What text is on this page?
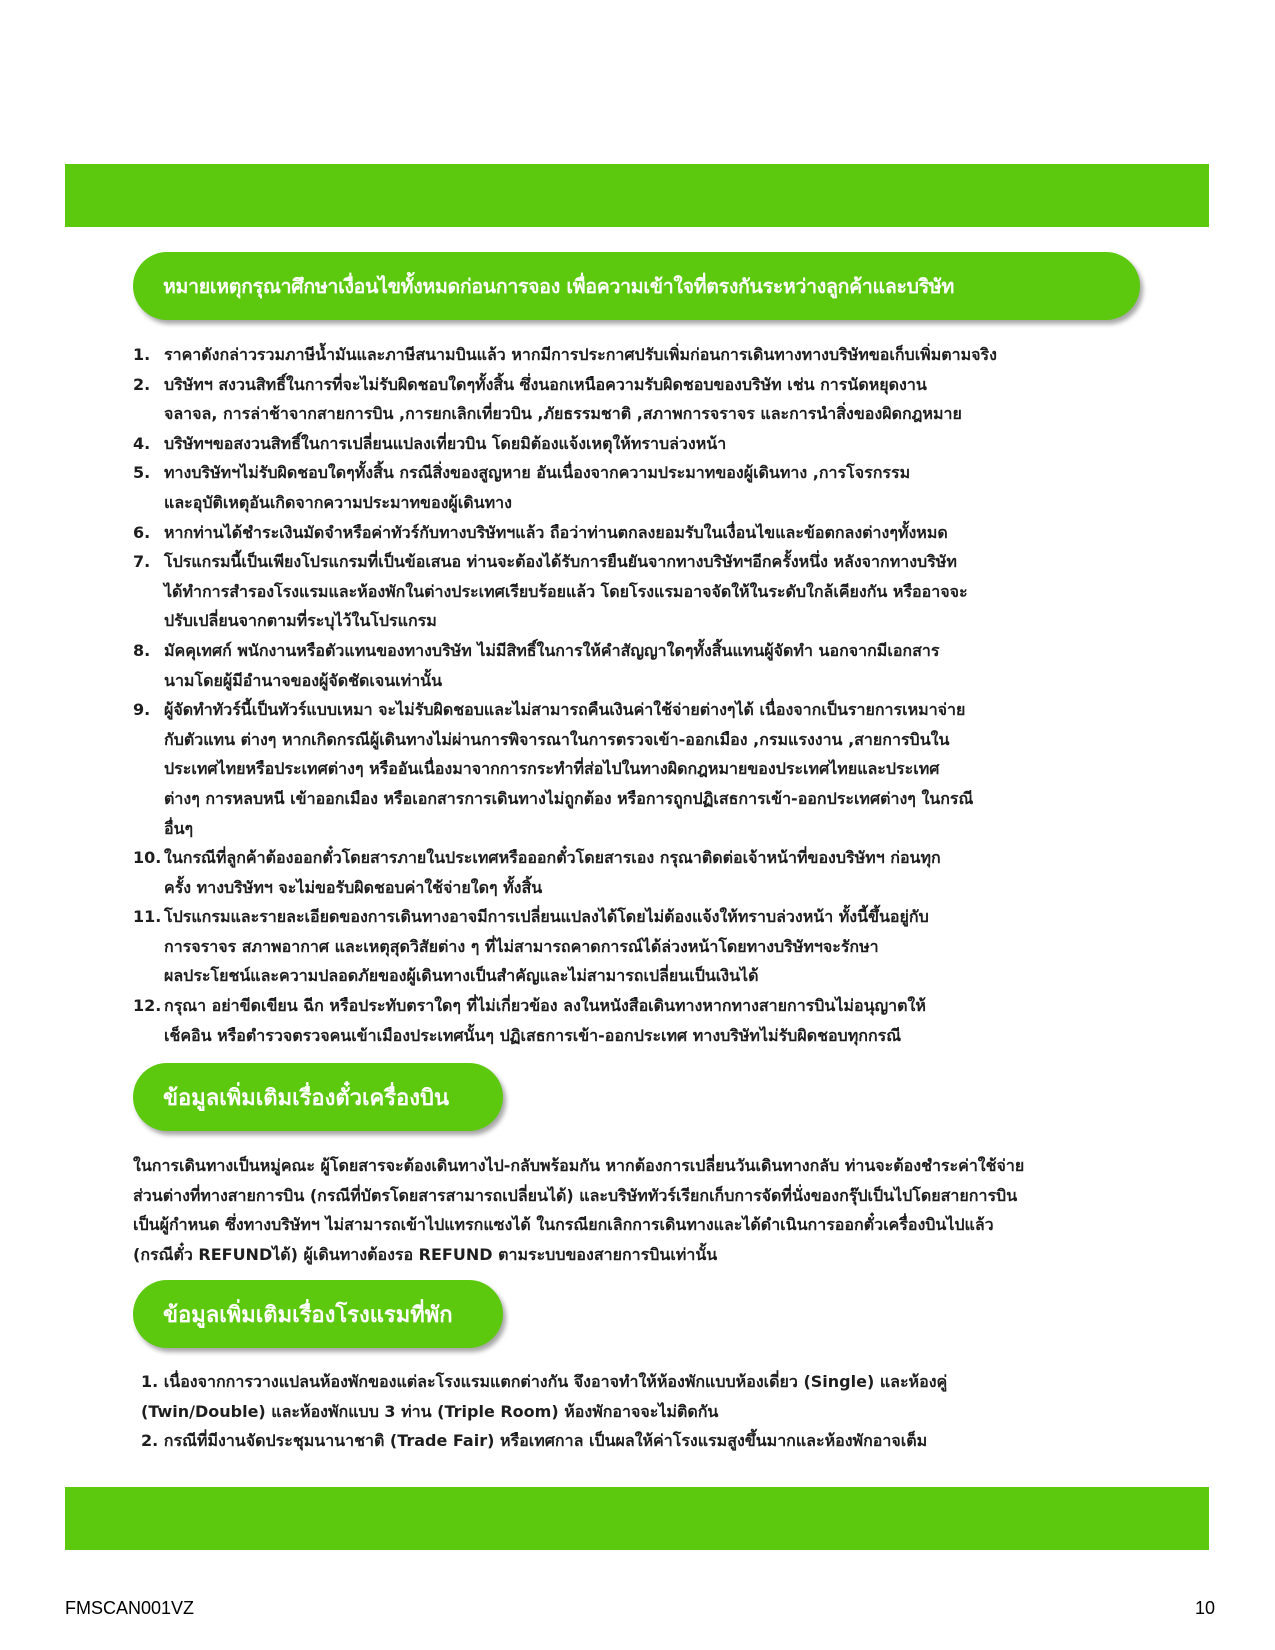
หมายเหตุกรุณาศึกษาเงื่อนไขทั้งหมดก่อนการจอง เพื่อความเข้าใจที่ตรงกันระหว่างลูกค้าและบริษัท
1. ราคาดังกล่าวรวมภาษีน้ำมันและภาษีสนามบินแล้ว หากมีการประกาศปรับเพิ่มก่อนการเดินทางทางบริษัทขอเก็บเพิ่มตามจริง
2. บริษัทฯ สงวนสิทธิ์ในการที่จะไม่รับผิดชอบใดๆทั้งสิ้น ซึ่งนอกเหนือความรับผิดชอบของบริษัท เช่น การนัดหยุดงาน
จลาจล, การล่าช้าจากสายการบิน ,การยกเลิกเที่ยวบิน ,ภัยธรรมชาติ ,สภาพการจราจร และการนำสิ่งของผิดกฎหมาย
4. บริษัทฯขอสงวนสิทธิ์ในการเปลี่ยนแปลงเที่ยวบิน โดยมิต้องแจ้งเหตุให้ทราบล่วงหน้า
5. ทางบริษัทฯไม่รับผิดชอบใดๆทั้งสิ้น กรณีสิ่งของสูญหาย อันเนื่องจากความประมาทของผู้เดินทาง ,การโจรกรรม
และอุบัติเหตุอันเกิดจากความประมาทของผู้เดินทาง
6. หากท่านได้ชำระเงินมัดจำหรือค่าทัวร์กับทางบริษัทฯแล้ว ถือว่าท่านตกลงยอมรับในเงื่อนไขและข้อตกลงต่างๆทั้งหมด
7. โปรแกรมนี้เป็นเพียงโปรแกรมที่เป็นข้อเสนอ ท่านจะต้องได้รับการยืนยันจากทางบริษัทฯอีกครั้งหนึ่ง หลังจากทางบริษัท
ได้ทำการสำรองโรงแรมและห้องพักในต่างประเทศเรียบร้อยแล้ว โดยโรงแรมอาจจัดให้ในระดับใกล้เคียงกัน หรืออาจจะ
ปรับเปลี่ยนจากตามที่ระบุไว้ในโปรแกรม
8. มัคคุเทศก์ พนักงานหรือตัวแทนของทางบริษัท ไม่มีสิทธิ์ในการให้คำสัญญาใดๆทั้งสิ้นแทนผู้จัดทำ นอกจากมีเอกสาร
นามโดยผู้มีอำนาจของผู้จัดชัดเจนเท่านั้น
9. ผู้จัดทำทัวร์นี้เป็นทัวร์แบบเหมา จะไม่รับผิดชอบและไม่สามารถคืนเงินค่าใช้จ่ายต่างๆได้ เนื่องจากเป็นรายการเหมาจ่าย
กับตัวแทน ต่างๆ หากเกิดกรณีผู้เดินทางไม่ผ่านการพิจารณาในการตรวจเข้า-ออกเมือง ,กรมแรงงาน ,สายการบินใน
ประเทศไทยหรือประเทศต่างๆ หรืออันเนื่องมาจากการกระทำที่ส่อไปในทางผิดกฎหมายของประเทศไทยและประเทศ
ต่างๆ การหลบหนี เข้าออกเมือง หรือเอกสารการเดินทางไม่ถูกต้อง หรือการถูกปฏิเสธการเข้า-ออกประเทศต่างๆ ในกรณี
อื่นๆ
10. ในกรณีที่ลูกค้าต้องออกตั๋วโดยสารภายในประเทศหรือออกตั๋วโดยสารเอง กรุณาติดต่อเจ้าหน้าที่ของบริษัทฯ ก่อนทุก
ครั้ง ทางบริษัทฯ จะไม่ขอรับผิดชอบค่าใช้จ่ายใดๆ ทั้งสิ้น
11. โปรแกรมและรายละเอียดของการเดินทางอาจมีการเปลี่ยนแปลงได้โดยไม่ต้องแจ้งให้ทราบล่วงหน้า ทั้งนี้ขึ้นอยู่กับ
การจราจร สภาพอากาศ และเหตุสุดวิสัยต่าง ๆ ที่ไม่สามารถคาดการณ์ได้ล่วงหน้าโดยทางบริษัทฯจะรักษา
ผลประโยชน์และความปลอดภัยของผู้เดินทางเป็นสำคัญและไม่สามารถเปลี่ยนเป็นเงินได้
12. กรุณา อย่าขีดเขียน ฉีก หรือประทับตราใดๆ ที่ไม่เกี่ยวข้อง ลงในหนังสือเดินทางหากทางสายการบินไม่อนุญาตให้
เช็คอิน หรือตำรวจตรวจคนเข้าเมืองประเทศนั้นๆ ปฏิเสธการเข้า-ออกประเทศ ทางบริษัทไม่รับผิดชอบทุกกรณี
ข้อมูลเพิ่มเติมเรื่องตั๋วเครื่องบิน

ในการเดินทางเป็นหมู่คณะ ผู้โดยสารจะต้องเดินทางไป-กลับพร้อมกัน หากต้องการเปลี่ยนวันเดินทางกลับ ท่านจะต้องชำระค่าใช้จ่าย
ส่วนต่างที่ทางสายการบิน (กรณีที่บัตรโดยสารสามารถเปลี่ยนได้) และบริษัททัวร์เรียกเก็บการจัดที่นั่งของกรุ๊ปเป็นไปโดยสายการบิน
เป็นผู้กำหนด ซึ่งทางบริษัทฯ ไม่สามารถเข้าไปแทรกแซงได้ ในกรณียกเลิกการเดินทางและได้ดำเนินการออกตั๋วเครื่องบินไปแล้ว
(กรณีตั๋ว REFUNDได้) ผู้เดินทางต้องรอ REFUND ตามระบบของสายการบินเท่านั้น

ข้อมูลเพิ่มเติมเรื่องโรงแรมที่พัก
1. เนื่องจากการวางแปลนห้องพักของแต่ละโรงแรมแตกต่างกัน จึงอาจทำให้ห้องพักแบบห้องเดี่ยว (Single) และห้องคู่
(Twin/Double) และห้องพักแบบ 3 ท่าน (Triple Room) ห้องพักอาจจะไม่ติดกัน
2. กรณีที่มีงานจัดประชุมนานาชาติ (Trade Fair) หรือเทศกาล เป็นผลให้ค่าโรงแรมสูงขึ้นมากและห้องพักอาจเต็ม
FMSCAN001VZ	10
